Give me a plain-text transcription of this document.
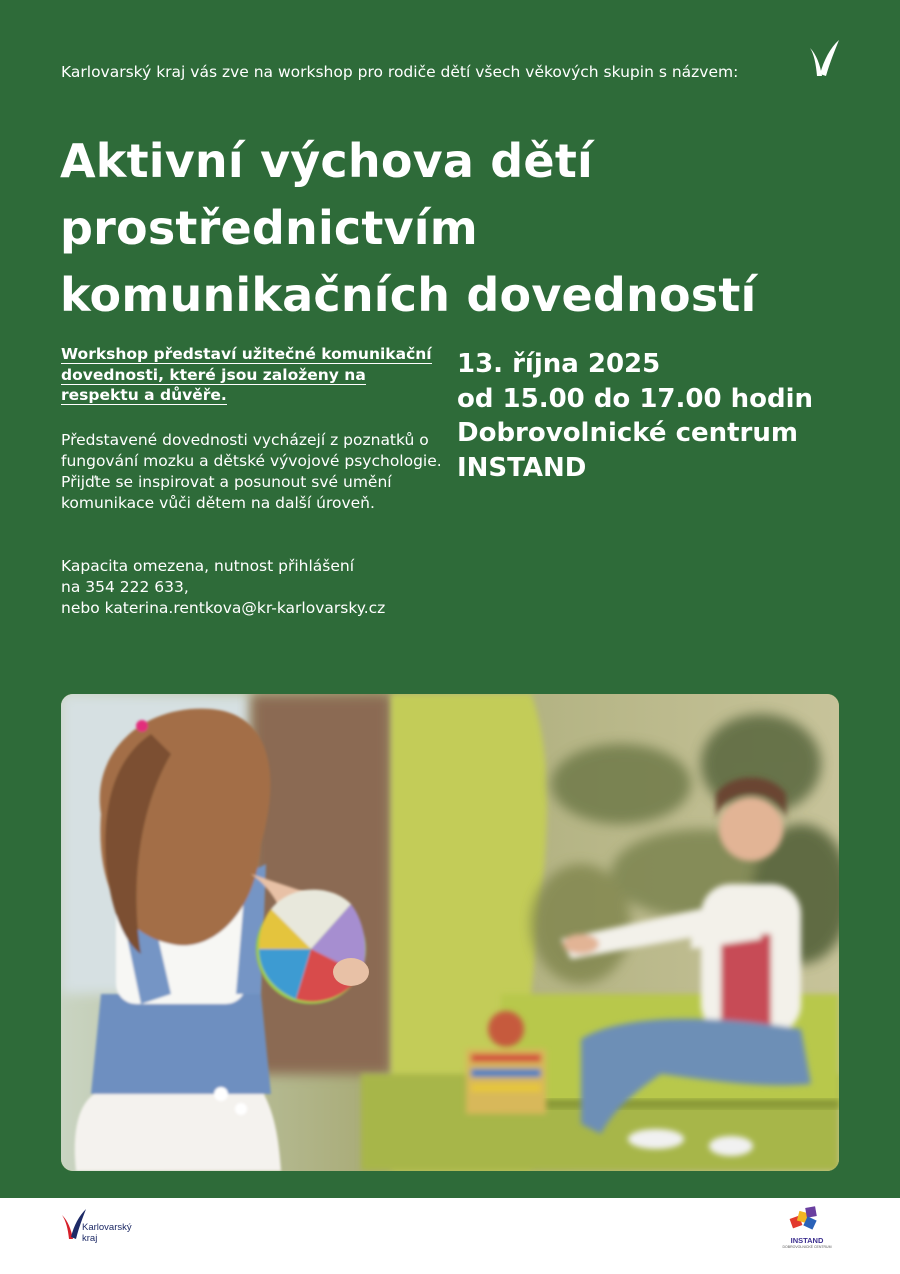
Karlovarský kraj vás zve na workshop pro rodiče dětí všech věkových skupin s názvem:
Aktivní výchova dětí
prostřednictvím
komunikačních dovedností
Workshop představí užitečné komunikační dovednosti, které jsou založeny na respektu a důvěře.
Představené dovednosti vycházejí z poznatků o fungování mozku a dětské vývojové psychologie. Přijďte se inspirovat a posunout své umění komunikace vůči dětem na další úroveň.
Kapacita omezena, nutnost přihlášení
na 354 222 633,
nebo katerina.rentkova@kr-karlovarsky.cz
13. října 2025
od 15.00 do 17.00 hodin
Dobrovolnické centrum
INSTAND
Karlovarský
kraj	INSTAND
DOBROVOLNICKÉ CENTRUM
